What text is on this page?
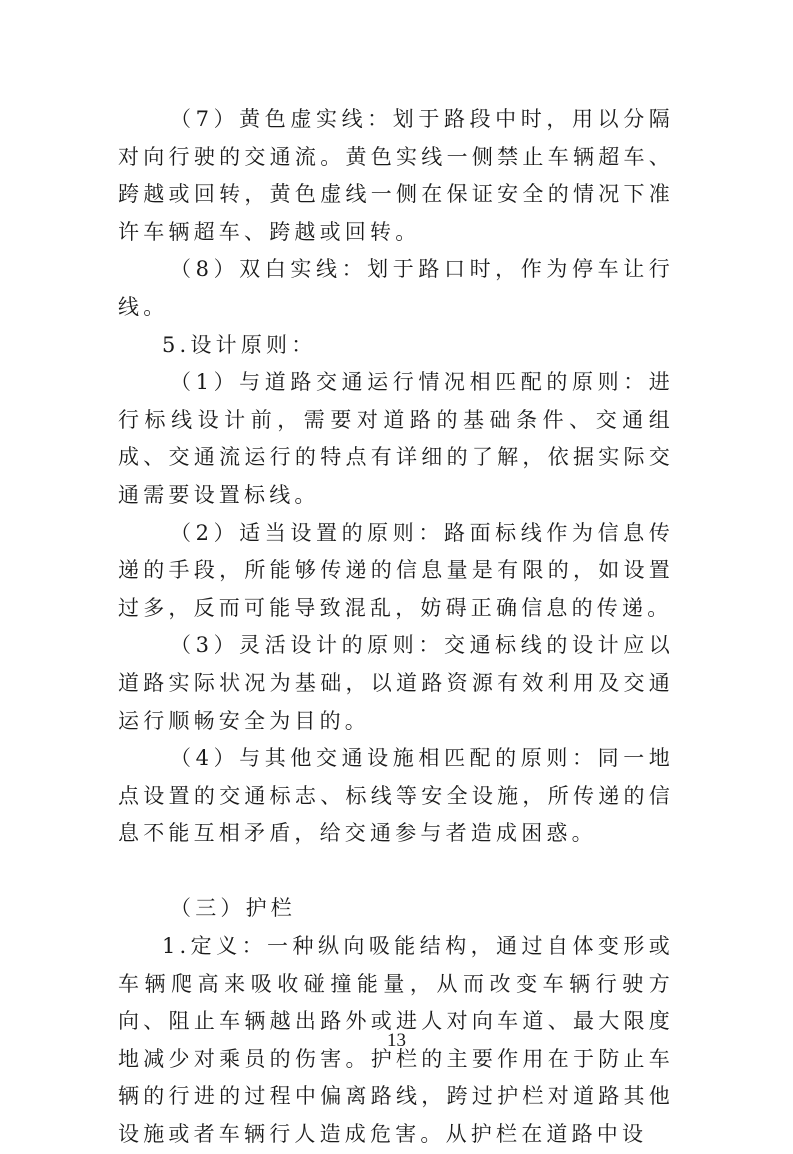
（7）黄色虚实线：划于路段中时，用以分隔对向行驶的交通流。黄色实线一侧禁止车辆超车、跨越或回转，黄色虚线一侧在保证安全的情况下准许车辆超车、跨越或回转。

（8）双白实线：划于路口时，作为停车让行线。

5.设计原则：

（1）与道路交通运行情况相匹配的原则：进行标线设计前，需要对道路的基础条件、交通组成、交通流运行的特点有详细的了解，依据实际交通需要设置标线。

（2）适当设置的原则：路面标线作为信息传递的手段，所能够传递的信息量是有限的，如设置过多，反而可能导致混乱，妨碍正确信息的传递。

（3）灵活设计的原则：交通标线的设计应以道路实际状况为基础，以道路资源有效利用及交通运行顺畅安全为目的。

（4）与其他交通设施相匹配的原则：同一地点设置的交通标志、标线等安全设施，所传递的信息不能互相矛盾，给交通参与者造成困惑。

（三）护栏

1.定义：一种纵向吸能结构，通过自体变形或车辆爬高来吸收碰撞能量，从而改变车辆行驶方向、阻止车辆越出路外或进人对向车道、最大限度地减少对乘员的伤害。护栏的主要作用在于防止车辆的行进的过程中偏离路线，跨过护栏对道路其他设施或者车辆行人造成危害。从护栏在道路中设

13
